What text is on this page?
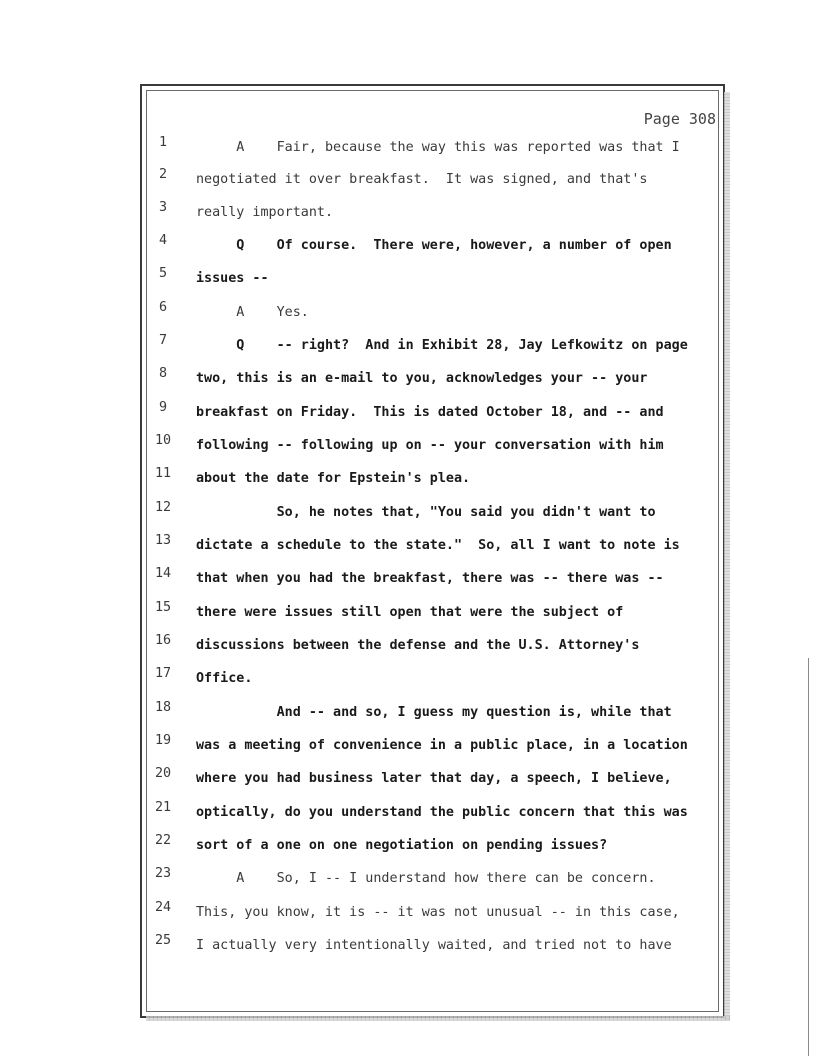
Page 308
1	A    Fair, because the way this was reported was that I
2	negotiated it over breakfast.  It was signed, and that's
3	really important.
4	Q    Of course.  There were, however, a number of open
5	issues --
6	A    Yes.
7	Q    -- right?  And in Exhibit 28, Jay Lefkowitz on page
8	two, this is an e-mail to you, acknowledges your -- your
9	breakfast on Friday.  This is dated October 18, and -- and
10	following -- following up on -- your conversation with him
11	about the date for Epstein's plea.
12	So, he notes that, "You said you didn't want to
13	dictate a schedule to the state."  So, all I want to note is
14	that when you had the breakfast, there was -- there was --
15	there were issues still open that were the subject of
16	discussions between the defense and the U.S. Attorney's
17	Office.
18	And -- and so, I guess my question is, while that
19	was a meeting of convenience in a public place, in a location
20	where you had business later that day, a speech, I believe,
21	optically, do you understand the public concern that this was
22	sort of a one on one negotiation on pending issues?
23	A    So, I -- I understand how there can be concern.
24	This, you know, it is -- it was not unusual -- in this case,
25	I actually very intentionally waited, and tried not to have
